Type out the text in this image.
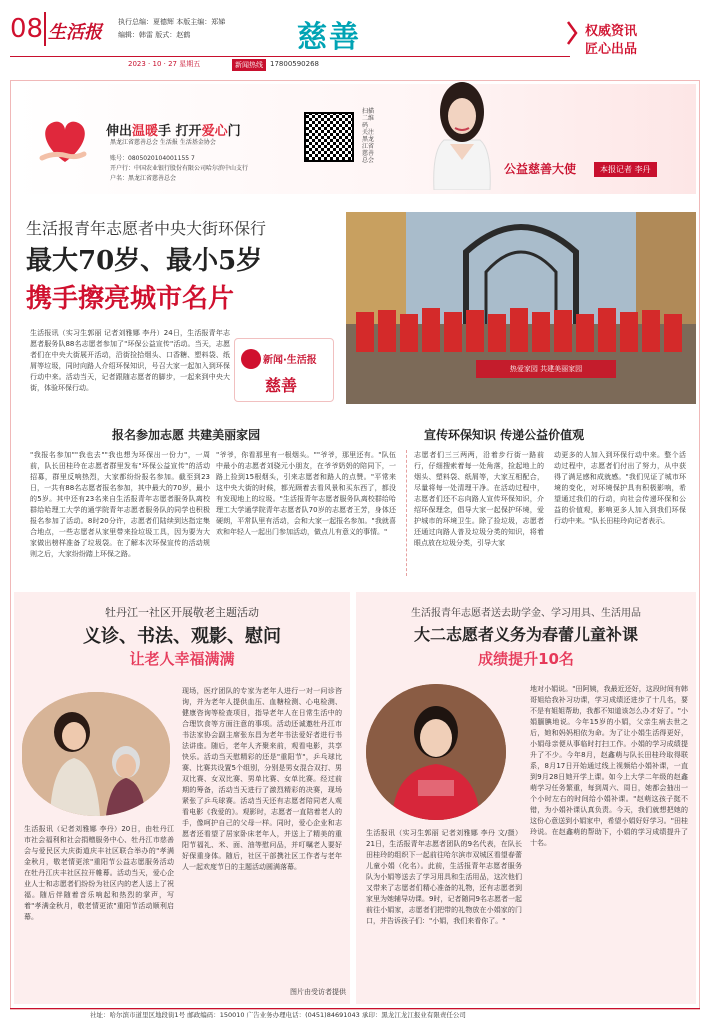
08 生活报 执行总编：夏德辉 本版主编：郑娣
编辑：韩雷 版式：赵鹤	慈善	权威资讯
匠心出品
2023 · 10 · 27 星期五	新闻热线	17800590268
伸出温暖手 打开爱心门
黑龙江省慈善总会 生活报 生活基金协会
账号：0805020104001155 7
开户行：中国农业银行股份有限公司哈尔滨中山支行
户名：黑龙江省慈善总会
扫描二维码 关注黑龙江省慈善总会
公益慈善大使	本报记者 李丹
生活报青年志愿者中央大街环保行
最大70岁、最小5岁
携手擦亮城市名片
生活报讯（实习生郭丽 记者刘雅娜 李丹）24日，生活报青年志愿者服务队88名志愿者参加了"环保公益宣传"活动。当天，志愿者们在中央大街展开活动，沿街捡拾烟头、口香糖、塑料袋、纸屑等垃圾，同时向路人介绍环保知识，号召大家一起加入到环保行动中来。活动当天，记者跟随志愿者的脚步，一起来到中央大街，体验环保行动。
新闻·生活报
慈善
热爱家园 共建美丽家园
报名参加志愿 共建美丽家园	宣传环保知识 传递公益价值观
"我报名参加""我也去""我也想为环保出一份力"，一周前，队长田桂玲在志愿者群里发布"环保公益宣传"的活动招募，群里反响热烈，大家都纷纷报名参加。截至到23日，一共有88名志愿者报名参加，其中最大的70岁，最小的5岁。其中还有23名来自生活报青年志愿者服务队离校群给哈理工大学的通学院青年志愿者服务队的同学也积极报名参加了活动。8时20分许，志愿者们陆续到达指定集合地点，一些志愿者从家里带来捡垃圾工具，因为要为大家做出榜样准备了垃圾袋。在了解本次环保宣传的活动规则之后，大家纷纷踏上环保之路。
"爷爷，你看那里有一根烟头。""爷爷，那里还有。"队伍中最小的志愿者刘骁元小朋友，在爷爷奶奶的陪同下，一路上捡到15根烟头，引来志愿者和路人的点赞。"平常来这中央大街的时候，都光顾着去看风景和买东西了，都没有发现地上的垃圾。"生活报青年志愿者服务队离校群给哈理工大学通学院青年志愿者队70岁的志愿者王芳，身体还硬朗，平常队里有活动，会和大家一起报名参加。"我就喜欢和年轻人一起出门参加活动，做点儿有意义的事情。"
志愿者们三三两两，沿着步行街一路前行，仔细搜索着每一处角落，捡起地上的烟头、塑料袋、纸屑等，大家互相配合，尽量将每一处清理干净。在活动过程中，志愿者们还不忘向路人宣传环保知识，介绍环保理念，倡导大家一起保护环境，爱护城市的环境卫生。除了捡垃圾，志愿者还通过向路人普及垃圾分类的知识，将着眼点放在垃圾分类，引导大家
动更多的人加入到环保行动中来。整个活动过程中，志愿者们付出了努力，从中获得了满足感和成就感。"我们见证了城市环境的变化，对环境保护具有积极影响，希望通过我们的行动，向社会传递环保和公益的价值观，影响更多人加入到我们环保行动中来。"队长田桂玲向记者表示。
牡丹江一社区开展敬老主题活动
义诊、书法、观影、慰问
让老人幸福满满
生活报讯（记者刘雅娜 李丹）20日，由牡丹江市社会福利和社会捐赠服务中心、牡丹江市慈善会与爱民区大庆街道庆丰社区联合举办的"孝满金秋月，敬老情更浓"重阳节公益志愿服务活动在牡丹江庆丰社区拉开帷幕。活动当天，爱心企业人士和志愿者们纷纷为社区内的老人送上了祝福。随后伴随着音乐响起和热烈的掌声，写着"孝满金秋月，敬老情更浓"重阳节活动顺利启幕。
现场，医疗团队的专家为老年人进行一对一问诊咨询，并为老年人提供血压、血糖检测、心电检测、健康咨询等检查项目，指导老年人在日常生活中的合理饮食等方面注意的事项。活动还诚邀牡丹江市书法家协会副主席张东昌为老年书法爱好者进行书法讲座。随后，老年人齐聚来前，观看电影，共享快乐。活动当天慰精彩的还是"重阳节"，乒乓球比赛、比赛共设置5个组别，分别是男女混合双打、男双比赛、女双比赛、男单比赛、女单比赛。经过前期的筹备，活动当天进行了激烈精彩的决赛，现场紧张了乒乓球赛。活动当天还有志愿者陪同老人观看电影《我爱的》。观影时，志愿者一直陪着老人的手，像呵护自己的父母一样。同时，爱心企业和志愿者还看望了居家卧床老年人，并送上了精美的重阳节福礼、米、面、油等慰问品，并叮嘱老人要好好保重身体。随后，社区干部携社区工作者与老年人一起欢度节日的主题活动圆满落幕。
图片由受访者提供
生活报青年志愿者送去助学金、学习用具、生活用品
大二志愿者义务为春蕾儿童补课
成绩提升10名
生活报讯（实习生郭丽 记者刘雅娜 李丹 文/摄）21日，生活报青年志愿者团队的9名代表，在队长田桂玲的组织下一起前往哈尔滨市双城区看望春蕾儿童小娟（化名）。此前，生活报青年志愿者服务队为小娟等送去了学习用具和生活用品，这次他们又带来了志愿者们精心准备的礼物，还有志愿者到家里为她辅导功课。9时，记者随同9名志愿者一起前往小娟家，志愿者们把带的礼物放在小娟家的门口，并告诉孩子们："小娟，我们来看你了。"
地对小娟说。"田阿姨，我最近还好，这段时间有韩哥姐给我补习功课，学习成绩还进步了十几名，要不是有姐姐帮助，我都不知道该怎么办才好了。"小娟腼腆地说。今年15岁的小娟，父亲生病去世之后，她和妈妈相依为命。为了让小娟生活得更好，小娟母亲便从事临时打扫工作。小娟的学习成绩提升了不少。今年8月，赵鑫萌与队长田桂玲取得联系，8月17日开始通过线上视频给小娟补课，一直到9月28日她开学上课。如今上大学二年级的赵鑫萌学习任务繁重，每到周六、周日，她都会抽出一个小时左右的时间给小娟补课。"赵萌这孩子挺不错，为小娟补课认真负责。今天，我们就想把她的这份心意送到小娟家中，希望小娟好好学习。"田桂玲说。在赵鑫萌的帮助下，小娟的学习成绩提升了十名。
社址：哈尔滨市道里区地段街1号 邮政编码：150010 广告业务办理电话：(0451)84691043 承印：黑龙江龙江报业有限责任公司
